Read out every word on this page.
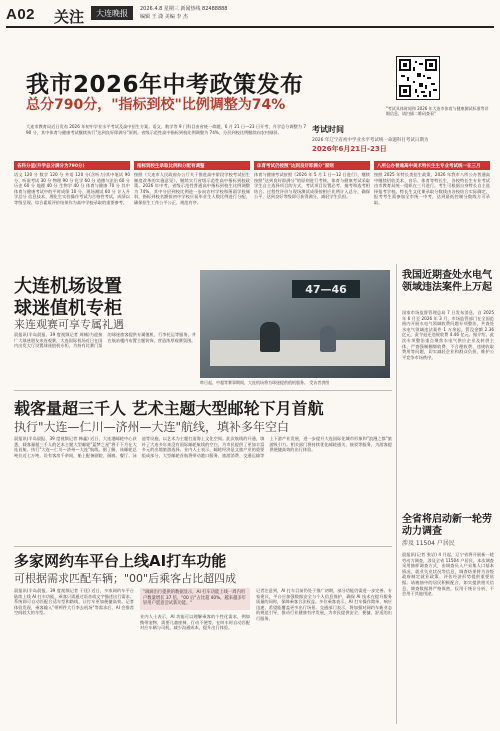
A02 关注	大连晚报	2026.4.8 星期三 新闻热线 82488888
编辑 王 潇 美编 李 杰
我市2026年中考政策发布
总分790分，"指标到校"比例调整为74%	"考试具体时间和 2026 年大连市体育与健康测试标准等详细信息，请扫描二维码查看"
大连市教育局近日发布 2026 年初中学业水平考试及高中招生方案。语文、数学等 9 门科目由省统一命题，6 月 21 日—23 日开考，升学总分调整为 790 分，其中体育与健康考试继续执行"达到良好即满分"原则。省级示范性高中指标到校比例调整为 74%，分层到校比例继续向农村倾斜。	考试时间
2026 年辽宁省初中学业水平考试统一命题科目考试日期为
2026年6月21日-23日
各科分值(升学总分满分为790分)
语文 120 分 数学 120 分 外语 120 分(含听力)其中笔试 90 分、听说考试 30 分 物理 90 分 化学 60 分 道德与法治 60 分 历史 60 分 地理 40 分 生物学 40 分 体育与健康 70 分 其中体育与健康考试中的平时成绩 10 分、现场测试 60 分 计入升学总分 信息技术、理化生实验操作考试为合格性考试，成绩以等级呈现。综合素质评价结果作为高中学校录取的重要参考。
指标到校生录取比例和分配有调整
按照《大连市人民政府办公厅关于推进高中阶段学校考试招生制度改革的实施意见》，继续实行省级示范性高中指标到校政策。2026 年中考，省级示范性普通高中指标到校生比例调整为 74%，其中分层到校比例进一步向农村学校和薄弱学校倾斜，指标到校名额按初中学校应届毕业生人数比例进行分配，确保招生工作公平公正、规范有序。
体育考试仍按照"达到良好即满分"原则
体育与健康考试按照《2026 年 5 月 1 日—12 日进行》，继续按照"达到良好即满分"的原则进行考核。体育与健康考试采取学生自主选择项目的方式，考试项目设置必考、抽考和选考相结合。过程性评价与现场测试成绩按相应比例计入总分，确保公平，达到良好等级即可获得满分，减轻学生负担。
八所公办普通高中美术特长生生专业考试统一在三月
按照 2025 年特长类招生政策，2026 年我市八所公办普通高中继续招收美术、音乐、体育等特长生，各校特长生专业考试由市教育局统一组织在三月进行，考生可根据自身特长自主选择报考学校。特长生文化课录取分数线由各校结合实际确定，报考考生需参加全市统一中考，达到最低控制分数线方可录取。
大连机场设置
球迷值机专柜
来连观赛可享专属礼遇
晨报讯(半岛晨报、39 度视频记者 周楠)为迎接广大球迷朋友来连观赛，大连国际机场近日在国内出发大厅设置球迷值机专柜，为持有比赛门票的球迷旅客提供专属值机、行李托运等服务，并在航站楼内布置主题装饰，营造浓厚观赛氛围。
47—46
昨日起，中超等赛事期间，大连机场将为球迷提供值机服务。 受访者供图
我国近期查处水电气领域违法案件上万起
国家市场监督管理总局 7 日发布消息，自 2025 年 6 月至 2026 年 3 月，市场监管部门在全国范围内开展水电气领域收费问题专项整治，共查处水电气领域违法案件 1 万余起，罚没金额 2.36 亿元，责令退还违规收费 4.46 亿元。据介绍，此次专项整治重点聚焦水电气供应企业及转供主体，严查强制捆绑收费、不合理收费、违规收取费用等问题，切实减轻企业和群众负担，维护公平竞争市场秩序。
全省将启动新一轮劳动力调查
涉及 11504 户居民
晨报讯(记者 张岩) 4 月起，辽宁省将开展新一轮劳动力调查，涉及全省 11504 户居民。本次调查采用抽样调查方式，由调查员入户采集人口基本情况、就业失业状况等信息，调查结果将为各级政府制定就业政策、评估经济形势提供重要依据。请被抽中的居民积极配合，如实提供相关信息，调查数据将严格保密，仅用于统计分析，不会用于其他用途。
载客量超三千人 艺术主题大型邮轮下月首航
执行"大连—仁川—济州—大连"航线，填补多年空白
晨报讯(半岛晨报、39 度视频记者 韩鑫) 近日，大连港邮轮中心获悉，载客量超三千人的艺术主题大型邮轮"蓝梦之星"将于下月在大连首航，执行"大连—仁川—济州—大连"航线。据了解，该邮轮总吨位近七万吨，设有客房千余间，船上配备剧院、画廊、餐厅、泳池等设施，以艺术为主题打造海上文化空间。此次航线的开通，填补了大连多年来没有国际邮轮航线的空白，为市民提供了更加丰富多元的出境旅游选择。业内人士表示，邮轮经济是文旅产业的重要组成部分，大型邮轮首航将带动港口服务、旅游消费、交通运输等上下游产业发展，进一步提升大连国际化城市形象和"浪漫之都"旅游吸引力。相关部门将持续优化邮轮通关、接驳等服务，为游客提供便捷高效的出行体验。
多家网约车平台上线AI打车功能
可根据需求匹配车辆；"00"后乘客占比超四成
晨报讯(半岛晨报、39 度视频记者 于佳) 近日，多家网约车平台陆续上线 AI 打车功能，乘客只需通过语音或文字描述出行需求，系统即可自动匹配合适车型和路线，让打车更加便捷高效。记者体验发现，乘客输入"带两件大行李去机场"等需求后，AI 会推荐空间较大的车型。
"滴滴出行提供的数据显示，AI 打车功能上线一周内用户数量增长 37 倍，"00 后"占比超 40%，越来越多年轻用户愿意尝试新功能。"
业内人士表示，AI 功能可以理解乘客的个性化需求，例如携带宠物、需要儿童座椅、行动不便等，在叫车时自动匹配对应车辆与司机，减少沟通成本，提升出行体验。
记者注意到，AI 打车目前仍处于推广初期，部分功能仍需进一步完善。专家建议，平台应加强数据安全与个人信息保护，确保 AI 技术在提升服务质量的同时，保障乘客合法权益。多位乘客表示，AI 打车操作简单、响应迅速，希望能覆盖更多出行场景。交通部门表示，将加强对网约车新业态的规范引导，推动行业健康有序发展，为市民提供安全、便捷、舒适的出行服务。
